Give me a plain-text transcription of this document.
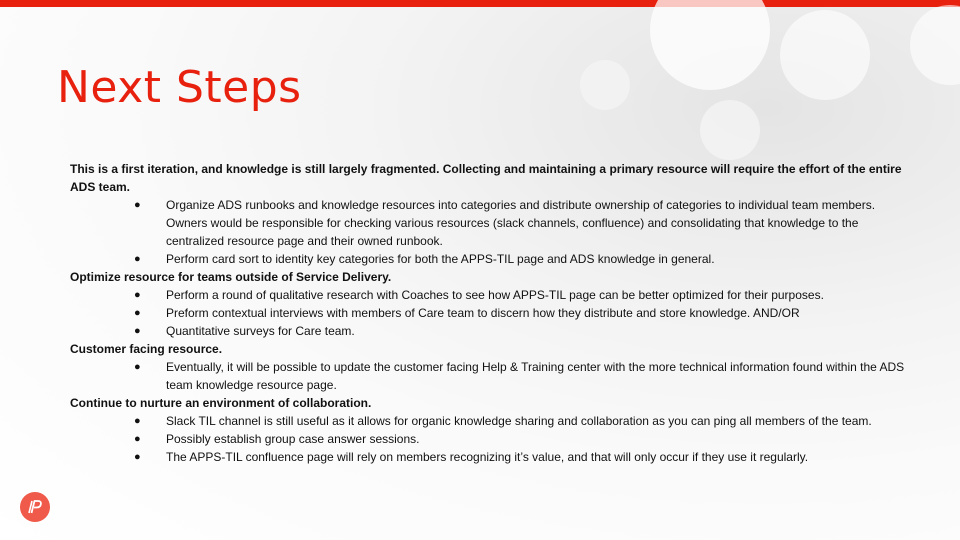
Next Steps

This is a first iteration, and knowledge is still largely fragmented. Collecting and maintaining a primary resource will require the effort of the entire ADS team.

● Organize ADS runbooks and knowledge resources into categories and distribute ownership of categories to individual team members. Owners would be responsible for checking various resources (slack channels, confluence) and consolidating that knowledge to the centralized resource page and their owned runbook.
● Perform card sort to identity key categories for both the APPS-TIL page and ADS knowledge in general.

Optimize resource for teams outside of Service Delivery.

● Perform a round of qualitative research with Coaches to see how APPS-TIL page can be better optimized for their purposes.
● Preform contextual interviews with members of Care team to discern how they distribute and store knowledge. AND/OR
● Quantitative surveys for Care team.

Customer facing resource.

● Eventually, it will be possible to update the customer facing Help & Training center with the more technical information found within the ADS team knowledge resource page.

Continue to nurture an environment of collaboration.

● Slack TIL channel is still useful as it allows for organic knowledge sharing and collaboration as you can ping all members of the team.
● Possibly establish group case answer sessions.
● The APPS-TIL confluence page will rely on members recognizing it’s value, and that will only occur if they use it regularly.
